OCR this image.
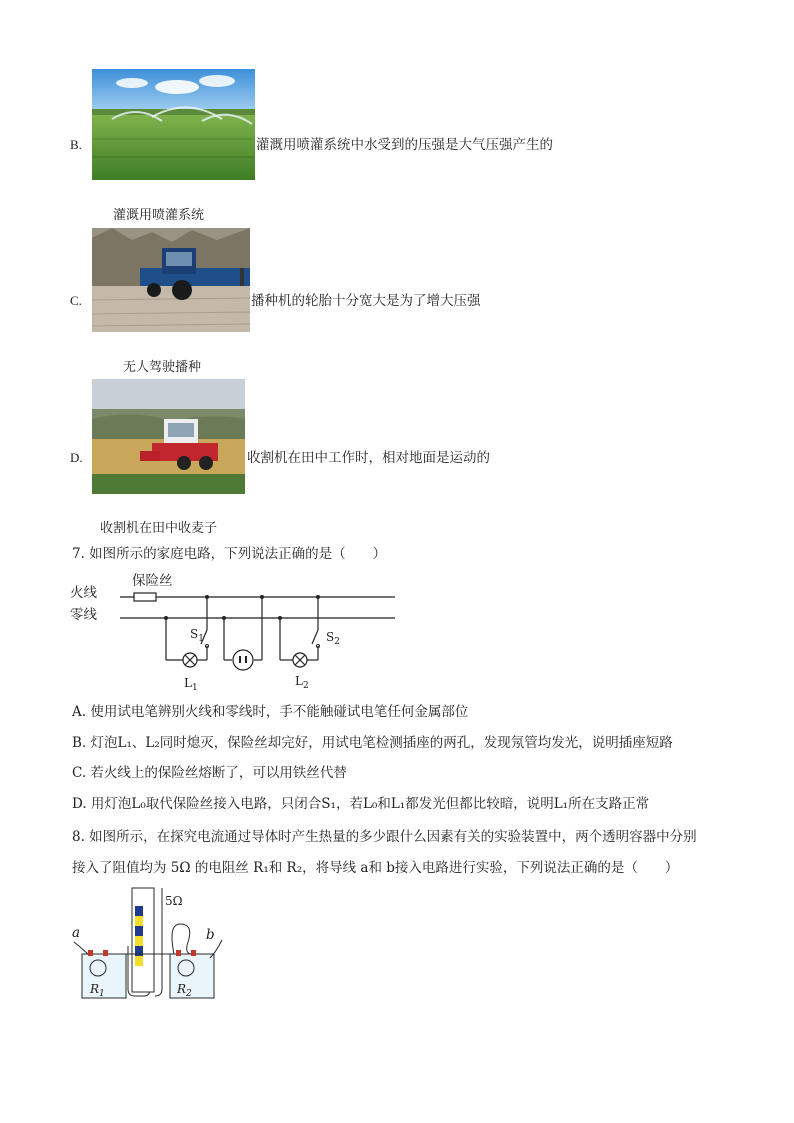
B.	灌溉用喷灌系统中水受到的压强是大气压强产生的
灌溉用喷灌系统
C.	播种机的轮胎十分宽大是为了增大压强
无人驾驶播种
D.	收割机在田中工作时，相对地面是运动的
收割机在田中收麦子
7. 如图所示的家庭电路，下列说法正确的是（　　）
火线
零线
保险丝
$S_1$	$S_2$
$L_1$	$L_2$
A. 使用试电笔辨别火线和零线时，手不能触碰试电笔任何金属部位
B. 灯泡L₁、L₂同时熄灭，保险丝却完好，用试电笔检测插座的两孔，发现氖管均发光，说明插座短路
C. 若火线上的保险丝熔断了，可以用铁丝代替
D. 用灯泡L₀取代保险丝接入电路，只闭合S₁，若L₀和L₁都发光但都比较暗，说明L₁所在支路正常
8. 如图所示，在探究电流通过导体时产生热量的多少跟什么因素有关的实验装置中，两个透明容器中分别
接入了阻值均为 5Ω 的电阻丝 R₁和 R₂，将导线 a和 b接入电路进行实验，下列说法正确的是（　　）
a	b
5Ω
$R_1$	$R_2$
